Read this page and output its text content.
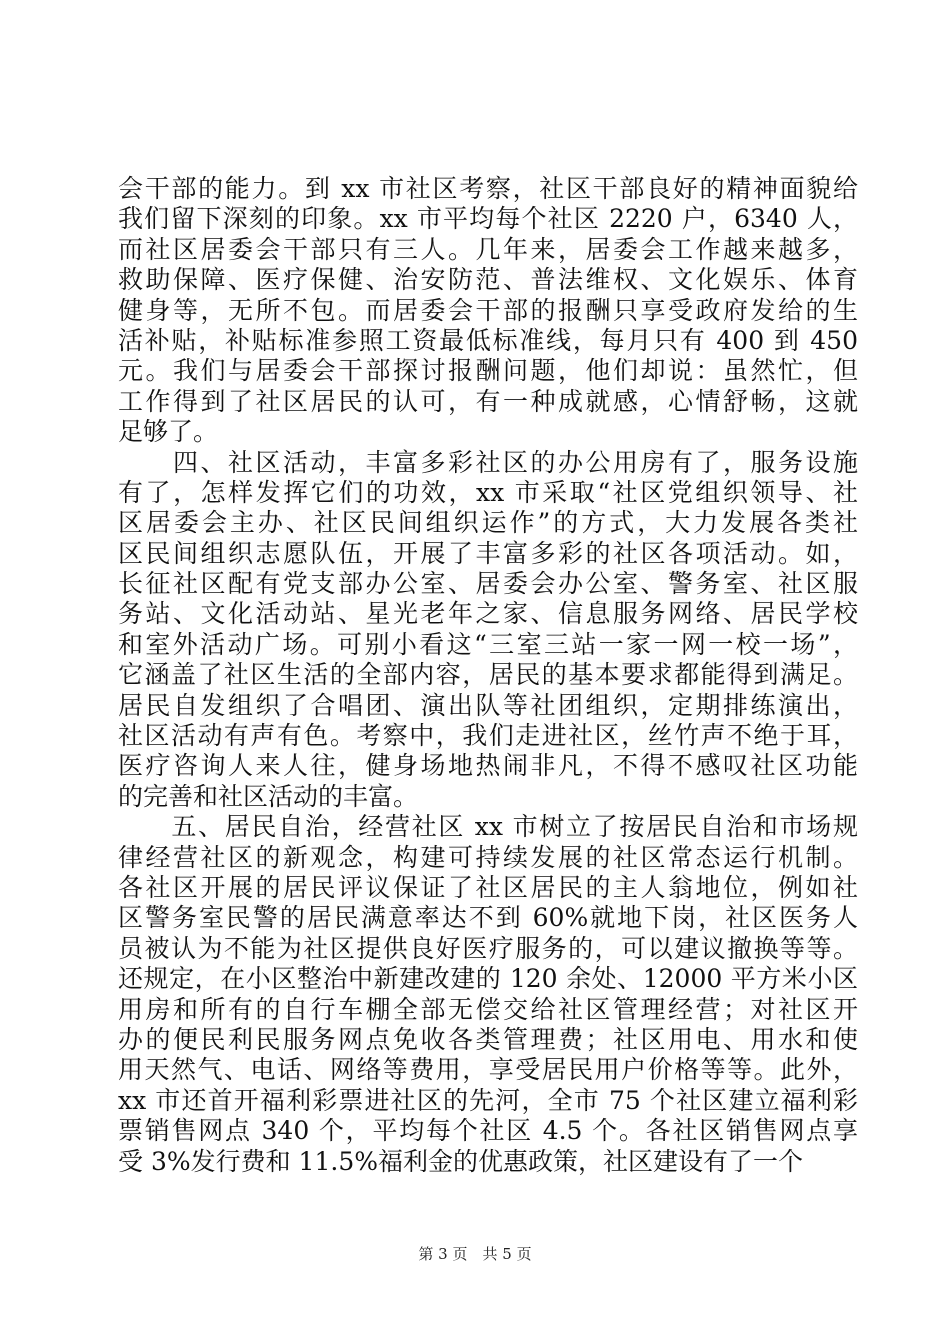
会干部的能力。到 xx 市社区考察，社区干部良好的精神面貌给
我们留下深刻的印象。xx 市平均每个社区 2220 户，6340 人，
而社区居委会干部只有三人。几年来，居委会工作越来越多，
救助保障、医疗保健、治安防范、普法维权、文化娱乐、体育
健身等，无所不包。而居委会干部的报酬只享受政府发给的生
活补贴，补贴标准参照工资最低标准线，每月只有 400 到 450
元。我们与居委会干部探讨报酬问题，他们却说：虽然忙，但
工作得到了社区居民的认可，有一种成就感，心情舒畅，这就
足够了。
　　四、社区活动，丰富多彩社区的办公用房有了，服务设施
有了，怎样发挥它们的功效，xx 市采取“社区党组织领导、社
区居委会主办、社区民间组织运作”的方式，大力发展各类社
区民间组织志愿队伍，开展了丰富多彩的社区各项活动。如，
长征社区配有党支部办公室、居委会办公室、警务室、社区服
务站、文化活动站、星光老年之家、信息服务网络、居民学校
和室外活动广场。可别小看这“三室三站一家一网一校一场”，
它涵盖了社区生活的全部内容，居民的基本要求都能得到满足。
居民自发组织了合唱团、演出队等社团组织，定期排练演出，
社区活动有声有色。考察中，我们走进社区，丝竹声不绝于耳，
医疗咨询人来人往，健身场地热闹非凡，不得不感叹社区功能
的完善和社区活动的丰富。
　　五、居民自治，经营社区 xx 市树立了按居民自治和市场规
律经营社区的新观念，构建可持续发展的社区常态运行机制。
各社区开展的居民评议保证了社区居民的主人翁地位，例如社
区警务室民警的居民满意率达不到 60%就地下岗，社区医务人
员被认为不能为社区提供良好医疗服务的，可以建议撤换等等。
还规定，在小区整治中新建改建的 120 余处、12000 平方米小区
用房和所有的自行车棚全部无偿交给社区管理经营；对社区开
办的便民利民服务网点免收各类管理费；社区用电、用水和使
用天然气、电话、网络等费用，享受居民用户价格等等。此外，
xx 市还首开福利彩票进社区的先河，全市 75 个社区建立福利彩
票销售网点 340 个，平均每个社区 4.5 个。各社区销售网点享
受 3%发行费和 11.5%福利金的优惠政策，社区建设有了一个
第 3 页　共 5 页
